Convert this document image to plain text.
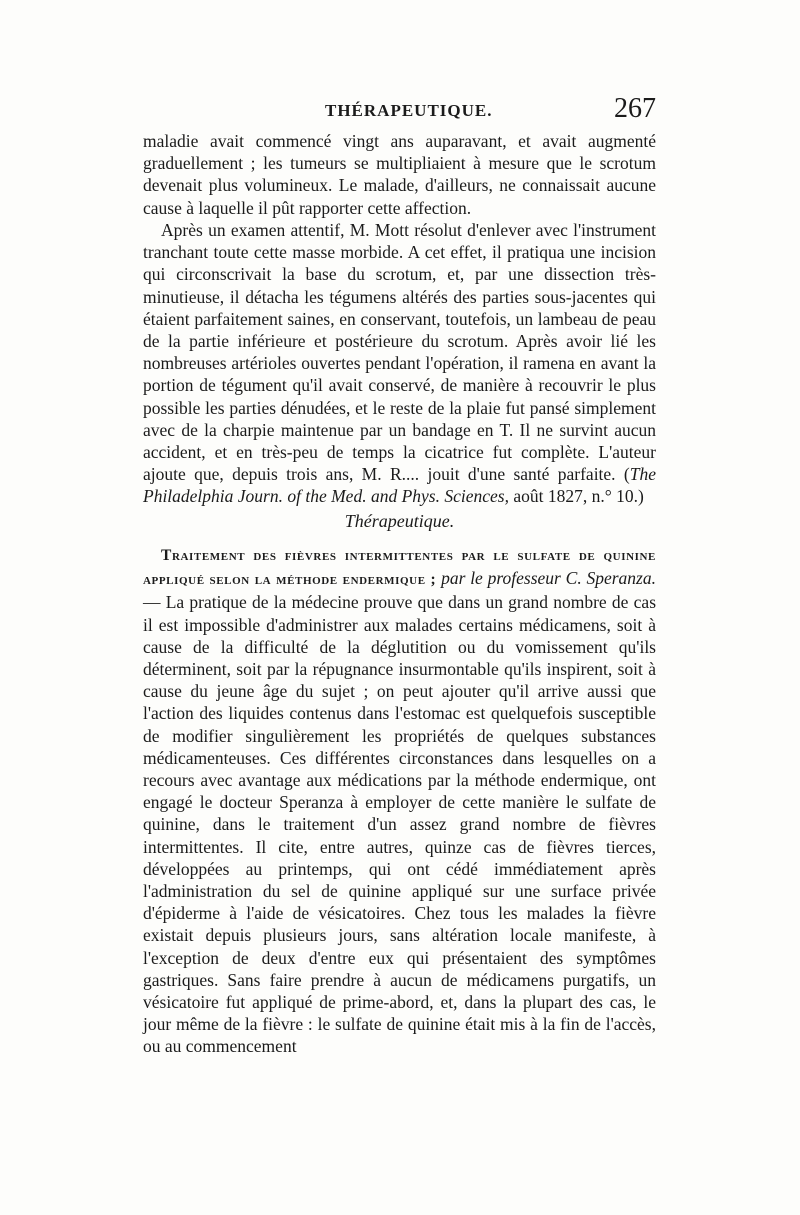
THÉRAPEUTIQUE.	267

maladie avait commencé vingt ans auparavant, et avait augmenté graduellement ; les tumeurs se multipliaient à mesure que le scrotum devenait plus volumineux. Le malade, d'ailleurs, ne connaissait aucune cause à laquelle il pût rapporter cette affection.

Après un examen attentif, M. Mott résolut d'enlever avec l'instrument tranchant toute cette masse morbide. A cet effet, il pratiqua une incision qui circonscrivait la base du scrotum, et, par une dissection très-minutieuse, il détacha les tégumens altérés des parties sous-jacentes qui étaient parfaitement saines, en conservant, toutefois, un lambeau de peau de la partie inférieure et postérieure du scrotum. Après avoir lié les nombreuses artérioles ouvertes pendant l'opération, il ramena en avant la portion de tégument qu'il avait conservé, de manière à recouvrir le plus possible les parties dénudées, et le reste de la plaie fut pansé simplement avec de la charpie maintenue par un bandage en T. Il ne survint aucun accident, et en très-peu de temps la cicatrice fut complète. L'auteur ajoute que, depuis trois ans, M. R.... jouit d'une santé parfaite. (The Philadelphia Journ. of the Med. and Phys. Sciences, août 1827, n.° 10.)

Thérapeutique.

Traitement des fièvres intermittentes par le sulfate de quinine appliqué selon la méthode endermique ; par le professeur C. Speranza. — La pratique de la médecine prouve que dans un grand nombre de cas il est impossible d'administrer aux malades certains médicamens, soit à cause de la difficulté de la déglutition ou du vomissement qu'ils déterminent, soit par la répugnance insurmontable qu'ils inspirent, soit à cause du jeune âge du sujet ; on peut ajouter qu'il arrive aussi que l'action des liquides contenus dans l'estomac est quelquefois susceptible de modifier singulièrement les propriétés de quelques substances médicamenteuses. Ces différentes circonstances dans lesquelles on a recours avec avantage aux médications par la méthode endermique, ont engagé le docteur Speranza à employer de cette manière le sulfate de quinine, dans le traitement d'un assez grand nombre de fièvres intermittentes. Il cite, entre autres, quinze cas de fièvres tierces, développées au printemps, qui ont cédé immédiatement après l'administration du sel de quinine appliqué sur une surface privée d'épiderme à l'aide de vésicatoires. Chez tous les malades la fièvre existait depuis plusieurs jours, sans altération locale manifeste, à l'exception de deux d'entre eux qui présentaient des symptômes gastriques. Sans faire prendre à aucun de médicamens purgatifs, un vésicatoire fut appliqué de prime-abord, et, dans la plupart des cas, le jour même de la fièvre : le sulfate de quinine était mis à la fin de l'accès, ou au commencement
